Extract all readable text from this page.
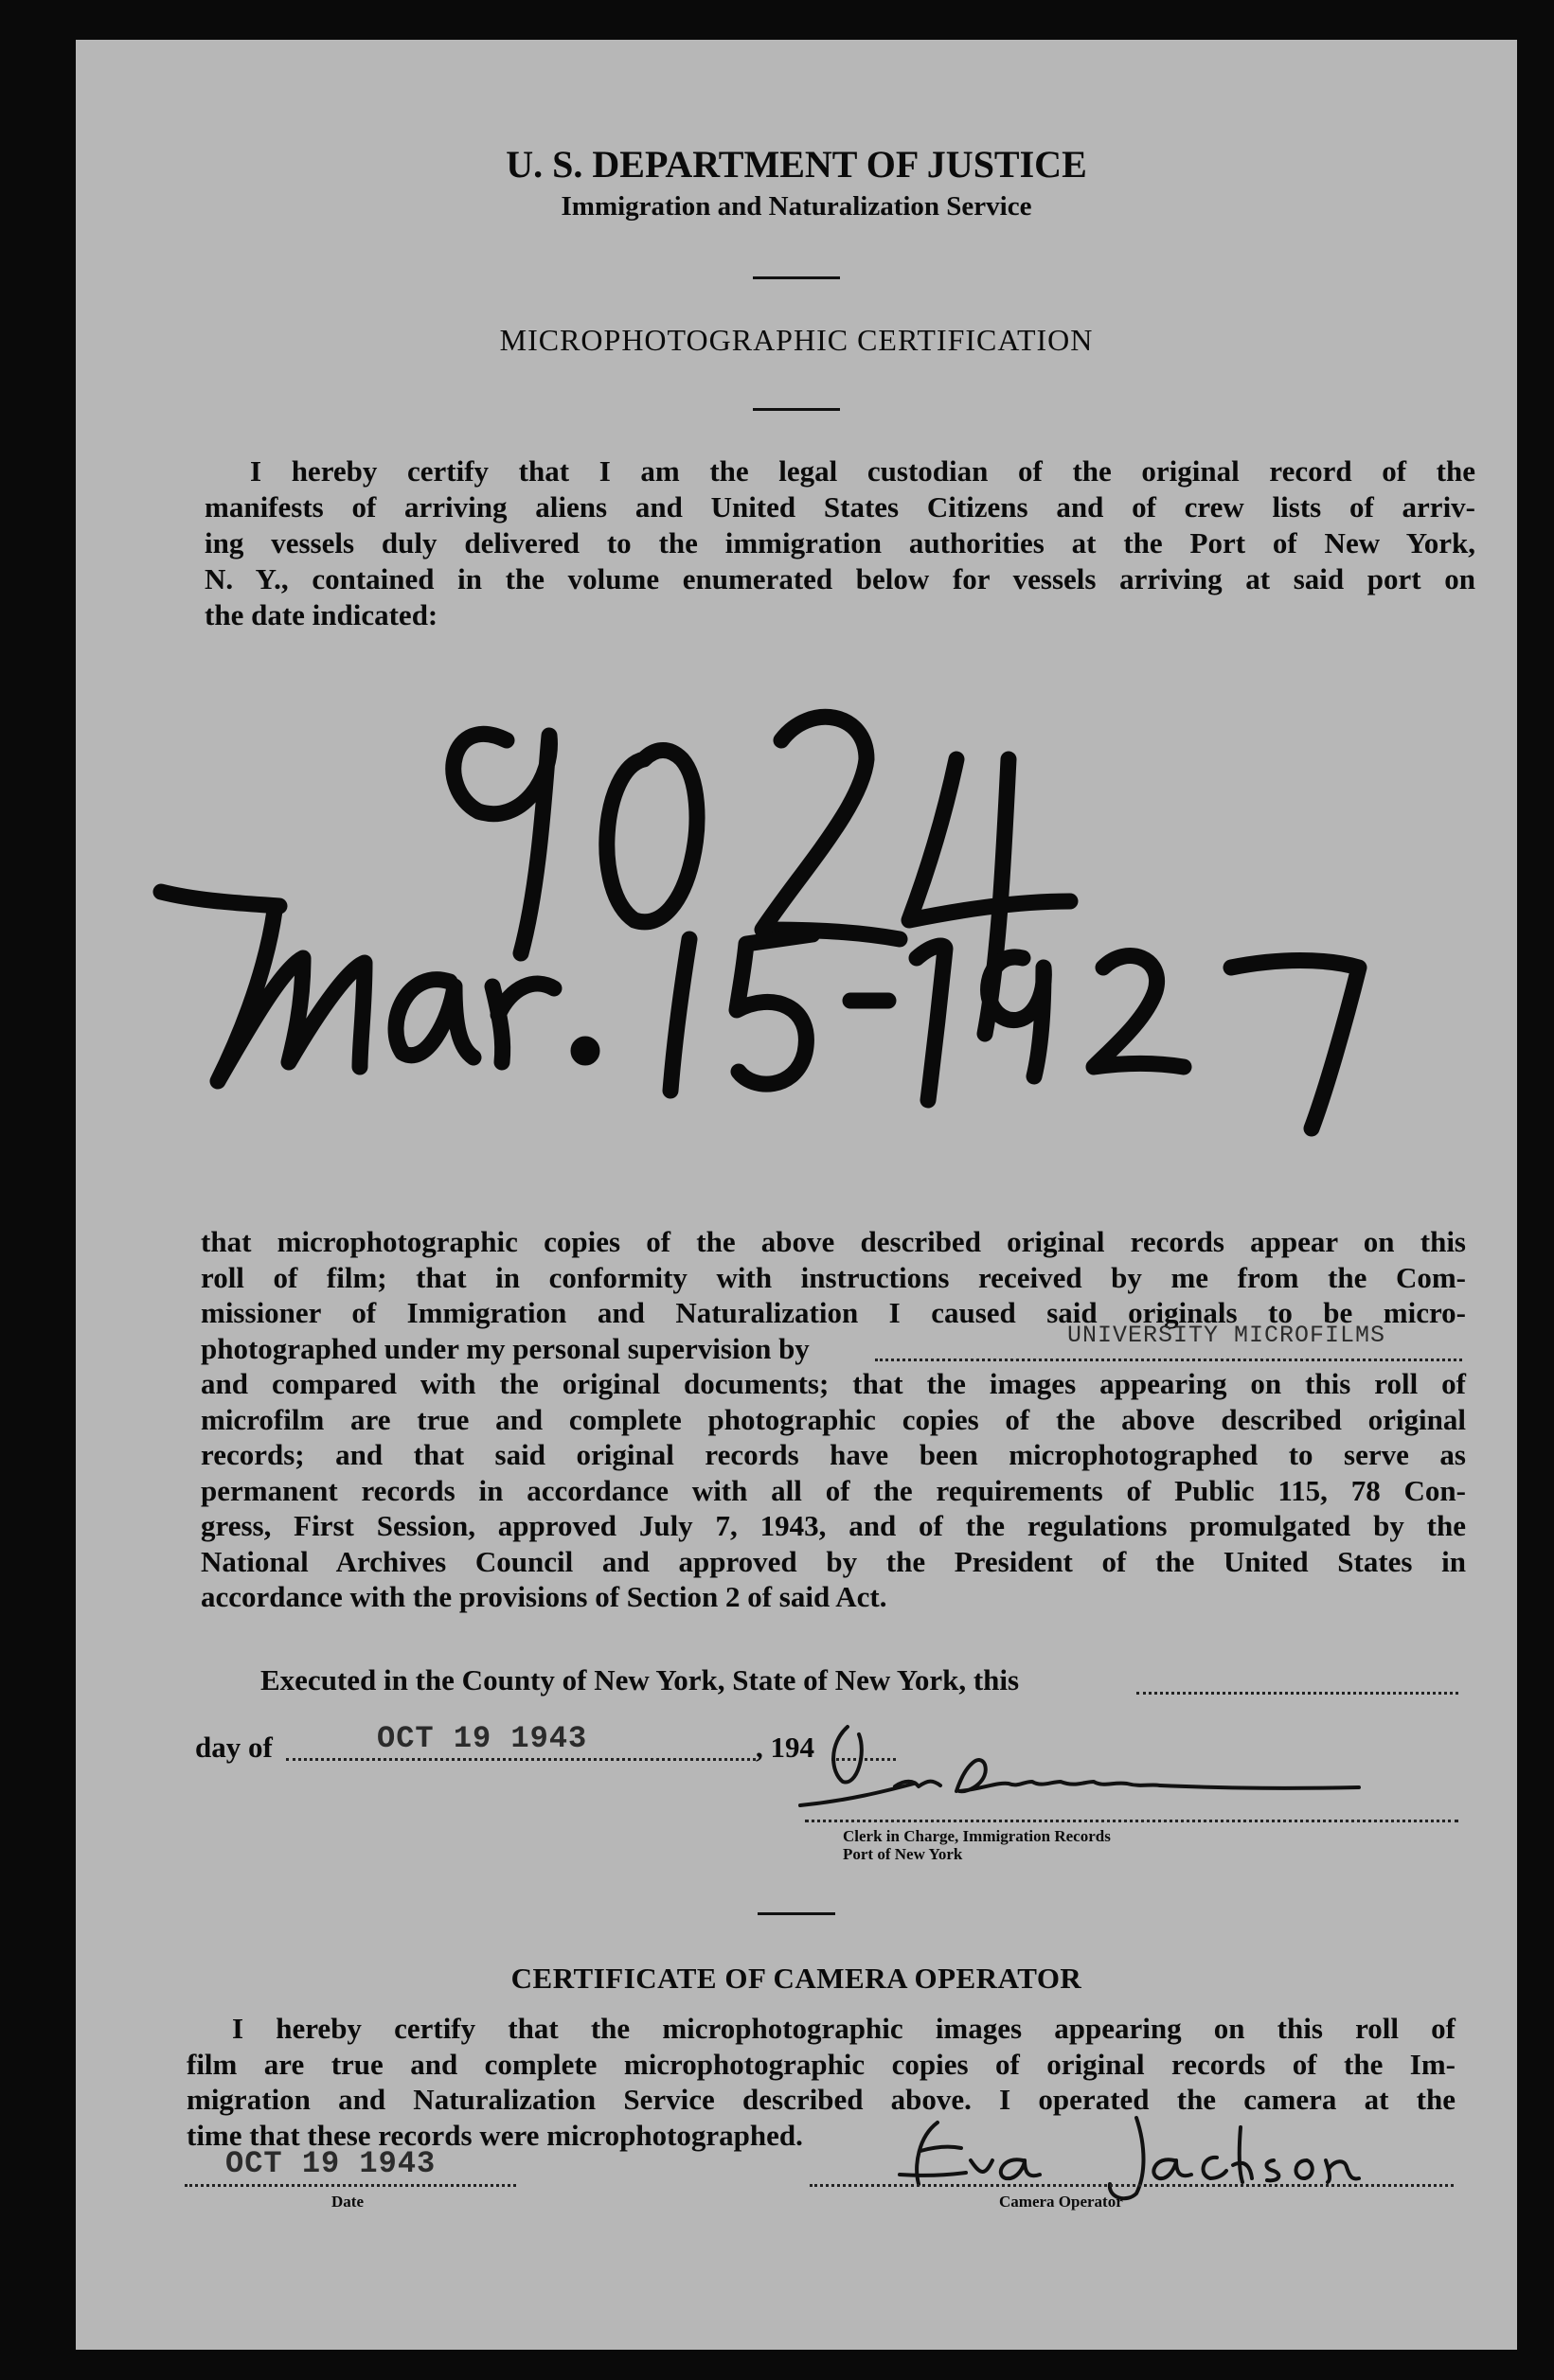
U. S. DEPARTMENT OF JUSTICE
Immigration and Naturalization Service
MICROPHOTOGRAPHIC CERTIFICATION
I hereby certify that I am the legal custodian of the original record of the
manifests of arriving aliens and United States Citizens and of crew lists of arriv-
ing vessels duly delivered to the immigration authorities at the Port of New York,
N. Y., contained in the volume enumerated below for vessels arriving at said port on
the date indicated:
that microphotographic copies of the above described original records appear on this
roll of film; that in conformity with instructions received by me from the Com-
missioner of Immigration and Naturalization I caused said originals to be micro-
photographed under my personal supervision by	UNIVERSITY MICROFILMS
and compared with the original documents; that the images appearing on this roll of
microfilm are true and complete photographic copies of the above described original
records; and that said original records have been microphotographed to serve as
permanent records in accordance with all of the requirements of Public 115, 78 Con-
gress, First Session, approved July 7, 1943, and of the regulations promulgated by the
National Archives Council and approved by the President of the United States in
accordance with the provisions of Section 2 of said Act.
Executed in the County of New York, State of New York, this
day of	OCT 19 1943	, 194
Clerk in Charge, Immigration Records
Port of New York
CERTIFICATE OF CAMERA OPERATOR
I hereby certify that the microphotographic images appearing on this roll of
film are true and complete microphotographic copies of original records of the Im-
migration and Naturalization Service described above. I operated the camera at the
time that these records were microphotographed.
OCT 19 1943
Date	Camera Operator
